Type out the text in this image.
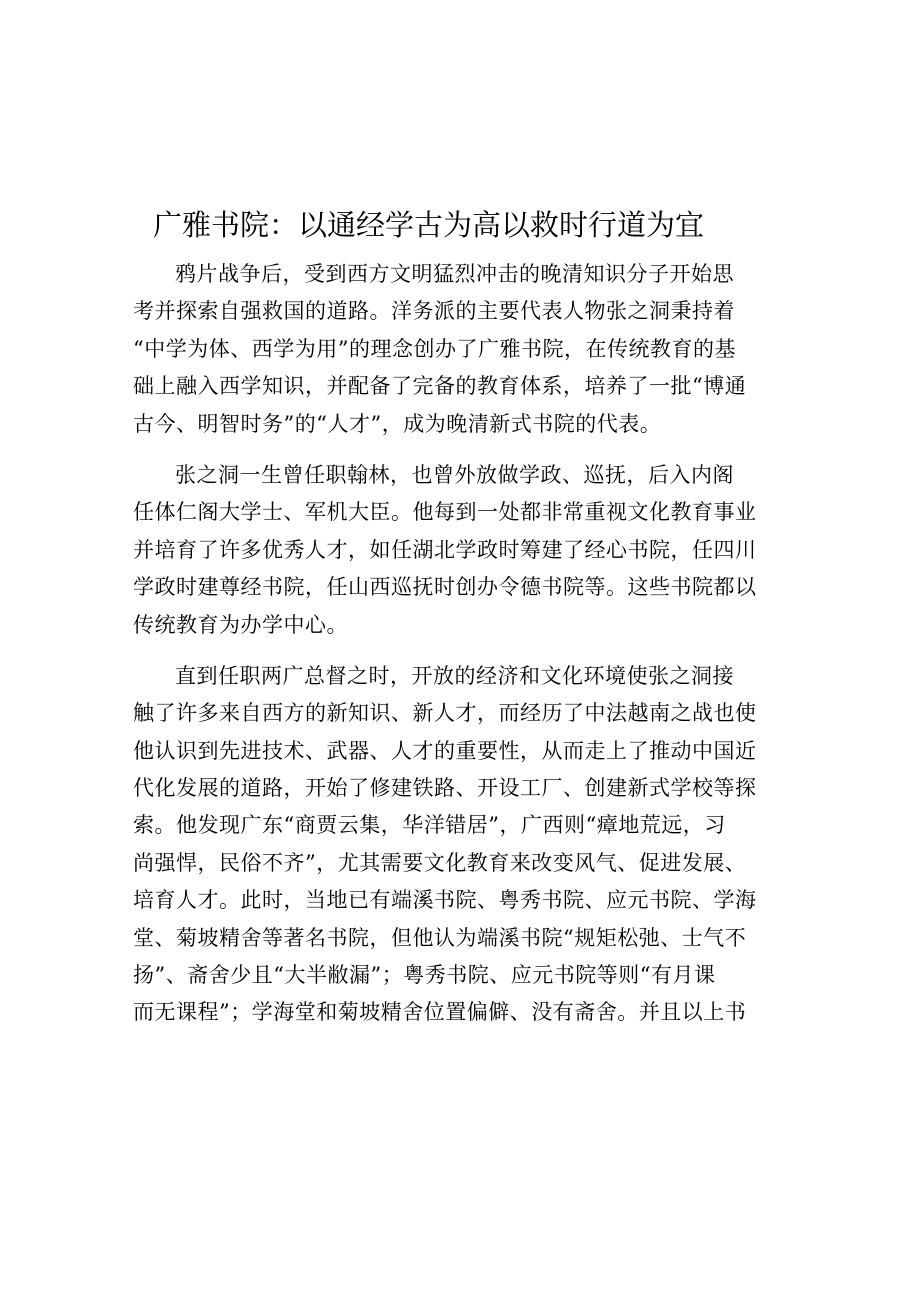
广雅书院：以通经学古为高以救时行道为宜
鸦片战争后，受到西方文明猛烈冲击的晚清知识分子开始思
考并探索自强救国的道路。洋务派的主要代表人物张之洞秉持着
“中学为体、西学为用”的理念创办了广雅书院，在传统教育的基
础上融入西学知识，并配备了完备的教育体系，培养了一批“博通
古今、明智时务”的“人才”，成为晚清新式书院的代表。
张之洞一生曾任职翰林，也曾外放做学政、巡抚，后入内阁
任体仁阁大学士、军机大臣。他每到一处都非常重视文化教育事业
并培育了许多优秀人才，如任湖北学政时筹建了经心书院，任四川
学政时建尊经书院，任山西巡抚时创办令德书院等。这些书院都以
传统教育为办学中心。
直到任职两广总督之时，开放的经济和文化环境使张之洞接
触了许多来自西方的新知识、新人才，而经历了中法越南之战也使
他认识到先进技术、武器、人才的重要性，从而走上了推动中国近
代化发展的道路，开始了修建铁路、开设工厂、创建新式学校等探
索。他发现广东“商贾云集，华洋错居”，广西则“瘴地荒远，习
尚强悍，民俗不齐”，尤其需要文化教育来改变风气、促进发展、
培育人才。此时，当地已有端溪书院、粤秀书院、应元书院、学海
堂、菊坡精舍等著名书院，但他认为端溪书院“规矩松弛、士气不
扬”、斋舍少且“大半敝漏”；粤秀书院、应元书院等则“有月课
而无课程”；学海堂和菊坡精舍位置偏僻、没有斋舍。并且以上书
